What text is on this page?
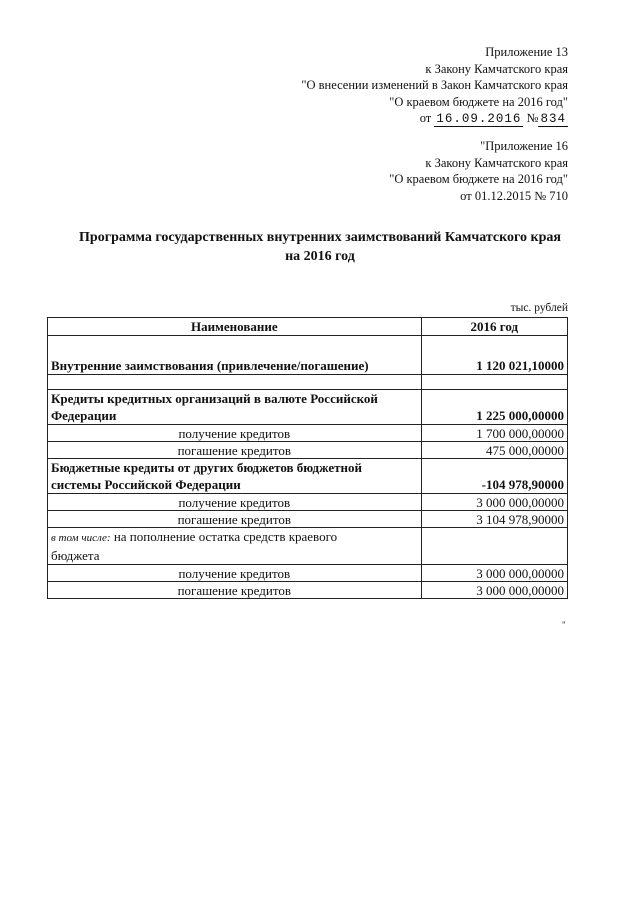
Приложение 13
к Закону Камчатского края
"О внесении изменений в Закон Камчатского края
"О краевом бюджете на 2016 год"
от 16.09.2016 № 834
"Приложение 16
к Закону Камчатского края
"О краевом бюджете на 2016 год"
от 01.12.2015 № 710
Программа государственных внутренних заимствований Камчатского края
на 2016 год
тыс. рублей
Наименование	2016 год
Внутренние заимствования (привлечение/погашение)	1 120 021,10000

Кредиты кредитных организаций в валюте Российской
Федерации	1 225 000,00000
получение кредитов	1 700 000,00000
погашение кредитов	475 000,00000

Бюджетные кредиты от других бюджетов бюджетной
системы Российской Федерации	-104 978,90000
получение кредитов	3 000 000,00000
погашение кредитов	3 104 978,90000

в том числе: на пополнение остатка средств краевого
бюджета	

получение кредитов	3 000 000,00000
погашение кредитов	3 000 000,00000
"
